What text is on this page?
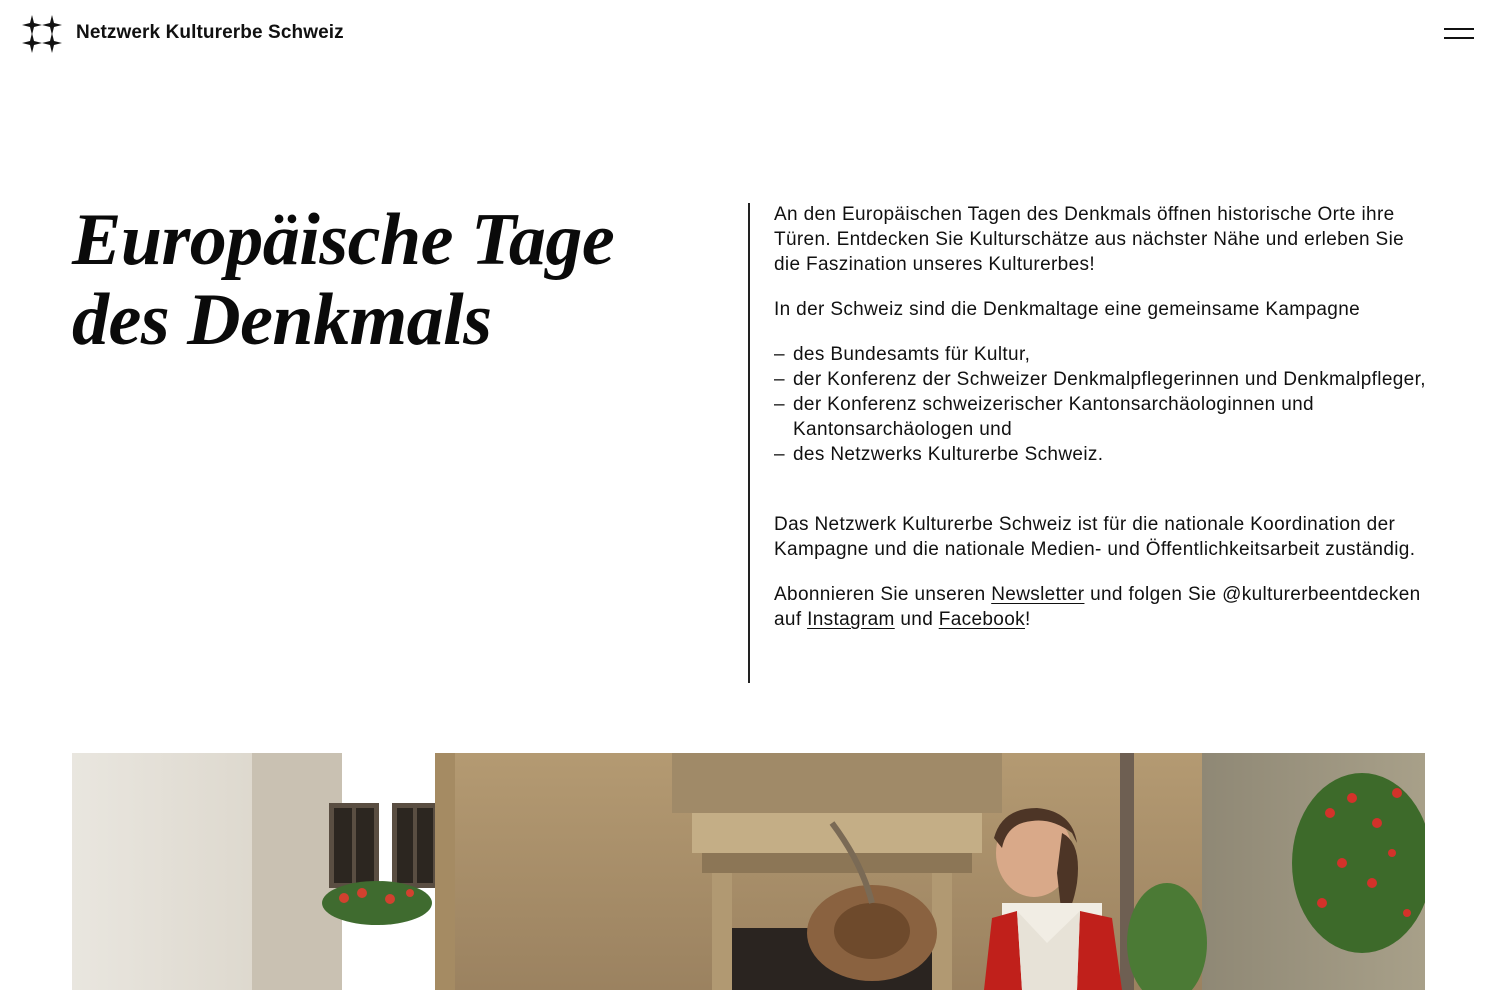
Netzwerk Kulturerbe Schweiz
Europäische Tage
des Denkmals

An den Europäischen Tagen des Denkmals öffnen historische Orte ihre Türen. Entdecken Sie Kulturschätze aus nächster Nähe und erleben Sie die Faszination unseres Kulturerbes!

In der Schweiz sind die Denkmaltage eine gemeinsame Kampagne

– des Bundesamts für Kultur,
– der Konferenz der Schweizer Denkmalpflegerinnen und Denkmalpfleger,
– der Konferenz schweizerischer Kantonsarchäologinnen und Kantonsarchäologen und
– des Netzwerks Kulturerbe Schweiz.

Das Netzwerk Kulturerbe Schweiz ist für die nationale Koordination der Kampagne und die nationale Medien- und Öffentlichkeitsarbeit zuständig.

Abonnieren Sie unseren Newsletter und folgen Sie @kulturerbeentdecken auf Instagram und Facebook!
